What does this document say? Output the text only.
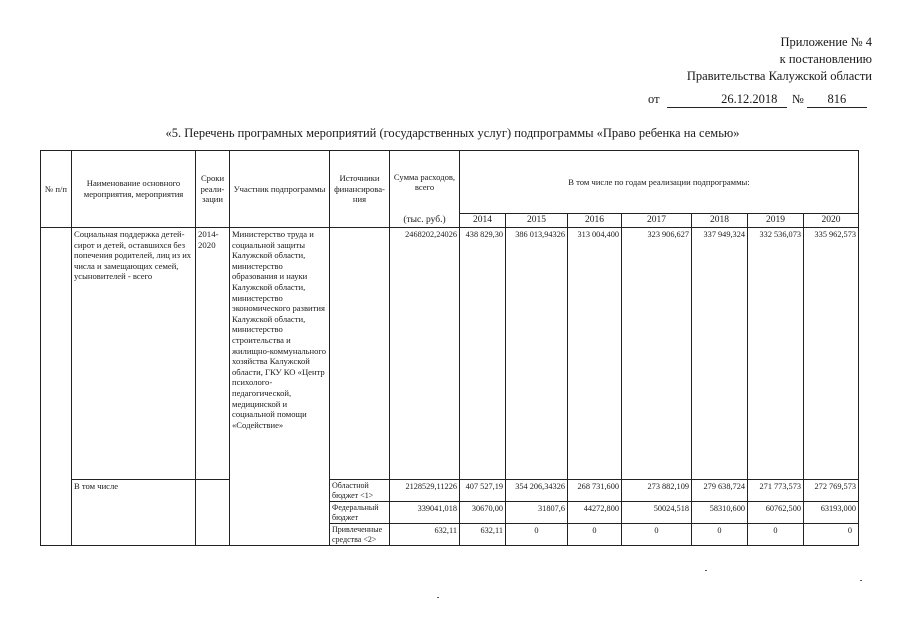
Приложение № 4
к постановлению
Правительства Калужской области
от	26.12.2018 № 816
«5. Перечень програмных мероприятий (государственных услуг) подпрограммы «Право ребенка на семью»
№ п/п	Наименование основного мероприятия, мероприятия	Сроки реали-зации	Участник подпрограммы	Источники финансирова-ния	Сумма расходов, всего	В том числе по годам реализации подпрограммы:						
					(тыс. руб.)	2014	2015	2016	2017	2018	2019	2020
	Социальная поддержка детей-сирот и детей, оставшихся без попечения родителей, лиц из их числа и замещающих семей, усыновителей - всего	2014-2020	Министерство труда и социальной защиты Калужской области, министерство образования и науки Калужской области, министерство экономического развития Калужской области, министерство строительства и жилищно-коммунального хозяйства Калужской области, ГКУ КО «Центр психолого-педагогической, медицинской и социальной помощи «Содействие»		2468202,24026	438 829,30	386 013,94326	313 004,400	323 906,627	337 949,324	332 536,073	335 962,573
	В том числе			Областной бюджет <1>	2128529,11226	407 527,19	354 206,34326	268 731,600	273 882,109	279 638,724	271 773,573	272 769,573
				Федеральный бюджет	339041,018	30670,00	31807,6	44272,800	50024,518	58310,600	60762,500	63193,000
				Привлеченные средства <2>	632,11	632,11	0	0	0	0	0	0
